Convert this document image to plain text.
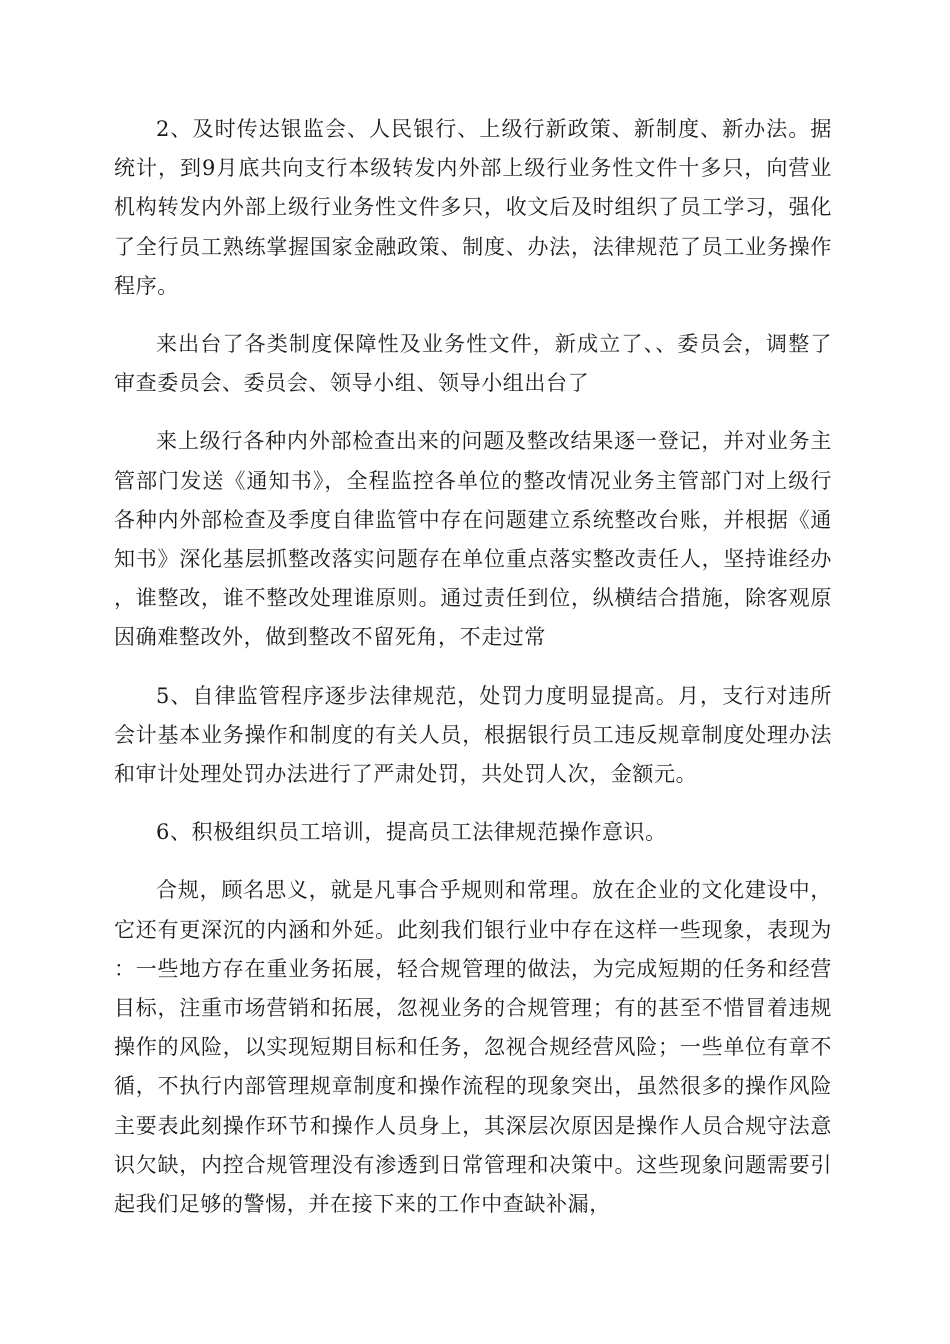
2、及时传达银监会、人民银行、上级行新政策、新制度、新办法。据统计，到9月底共向支行本级转发内外部上级行业务性文件十多只，向营业机构转发内外部上级行业务性文件多只，收文后及时组织了员工学习，强化了全行员工熟练掌握国家金融政策、制度、办法，法律规范了员工业务操作程序。

来出台了各类制度保障性及业务性文件，新成立了、、委员会，调整了审查委员会、委员会、领导小组、领导小组出台了

来上级行各种内外部检查出来的问题及整改结果逐一登记，并对业务主管部门发送《通知书》，全程监控各单位的整改情况业务主管部门对上级行各种内外部检查及季度自律监管中存在问题建立系统整改台账，并根据《通知书》深化基层抓整改落实问题存在单位重点落实整改责任人，坚持谁经办，谁整改，谁不整改处理谁原则。通过责任到位，纵横结合措施，除客观原因确难整改外，做到整改不留死角，不走过常

5、自律监管程序逐步法律规范，处罚力度明显提高。月，支行对违所会计基本业务操作和制度的有关人员，根据银行员工违反规章制度处理办法和审计处理处罚办法进行了严肃处罚，共处罚人次，金额元。

6、积极组织员工培训，提高员工法律规范操作意识。

合规，顾名思义，就是凡事合乎规则和常理。放在企业的文化建设中，它还有更深沉的内涵和外延。此刻我们银行业中存在这样一些现象，表现为：一些地方存在重业务拓展，轻合规管理的做法，为完成短期的任务和经营目标，注重市场营销和拓展，忽视业务的合规管理；有的甚至不惜冒着违规操作的风险，以实现短期目标和任务，忽视合规经营风险；一些单位有章不循，不执行内部管理规章制度和操作流程的现象突出，虽然很多的操作风险主要表此刻操作环节和操作人员身上，其深层次原因是操作人员合规守法意识欠缺，内控合规管理没有渗透到日常管理和决策中。这些现象问题需要引起我们足够的警惕，并在接下来的工作中查缺补漏，
